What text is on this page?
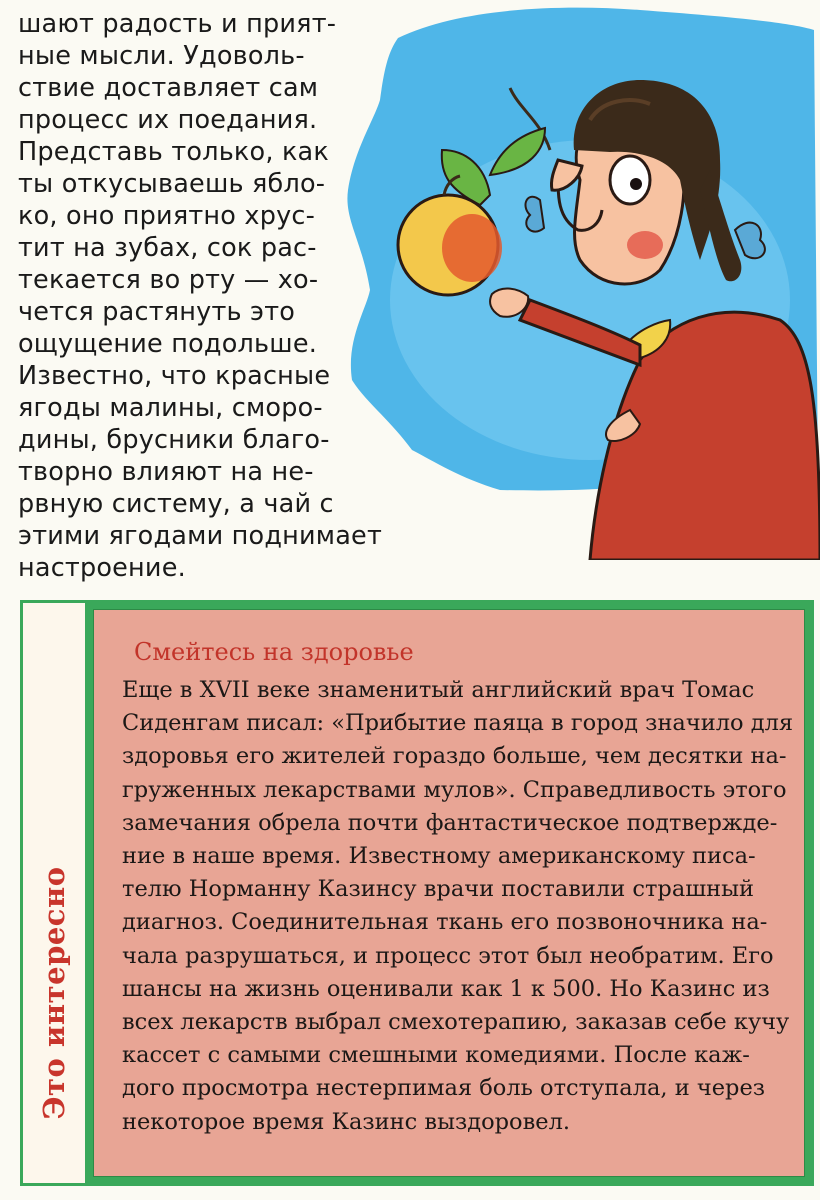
шают радость и прият-
ные мысли. Удоволь-
ствие доставляет сам
процесс их поедания.
Представь только, как
ты откусываешь ябло-
ко, оно приятно хрус-
тит на зубах, сок рас-
текается во рту — хо-
чется растянуть это
ощущение подольше.
Известно, что красные
ягоды малины, сморо-
дины, брусники благо-
творно влияют на не-
рвную систему, а чай с
этими ягодами поднимает
настроение.
Это интересно
Смейтесь на здоровье
Еще в XVII веке знаменитый английский врач Томас
Сиденгам писал: «Прибытие паяца в город значило для
здоровья его жителей гораздо больше, чем десятки на-
груженных лекарствами мулов». Справедливость этого
замечания обрела почти фантастическое подтвержде-
ние в наше время. Известному американскому писа-
телю Норманну Казинсу врачи поставили страшный
диагноз. Соединительная ткань его позвоночника на-
чала разрушаться, и процесс этот был необратим. Его
шансы на жизнь оценивали как 1 к 500. Но Казинс из
всех лекарств выбрал смехотерапию, заказав себе кучу
кассет с самыми смешными комедиями. После каж-
дого просмотра нестерпимая боль отступала, и через
некоторое время Казинс выздоровел.
